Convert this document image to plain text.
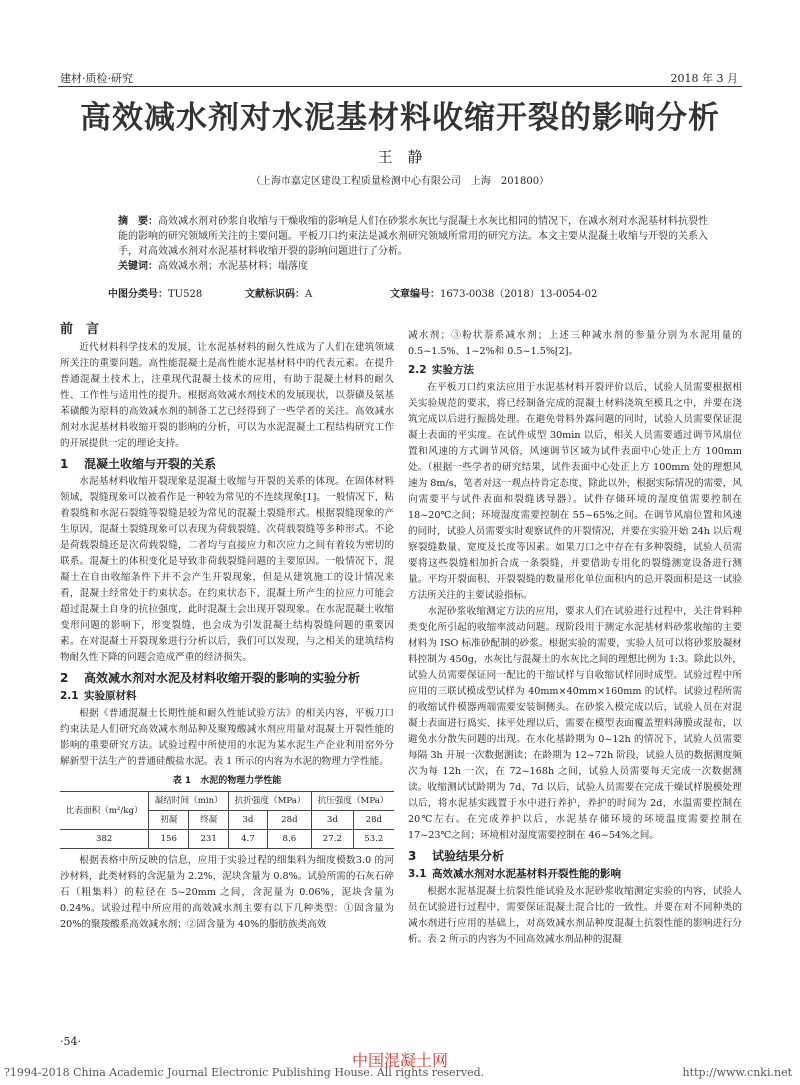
建材·质检·研究	2018 年 3 月
高效减水剂对水泥基材料收缩开裂的影响分析
王　静
（上海市嘉定区建设工程质量检测中心有限公司　上海　201800）
摘　要：高效减水剂对砂浆自收缩与干燥收缩的影响是人们在砂浆水灰比与混凝土水灰比相同的情况下，在减水剂对水泥基材料抗裂性能的影响的研究领域所关注的主要问题。平板刀口约束法是减水剂研究领域所常用的研究方法。本文主要从混凝土收缩与开裂的关系入手，对高效减水剂对水泥基材料收缩开裂的影响问题进行了分析。
关键词：高效减水剂；水泥基材料；塌落度
中图分类号：TU528	文献标识码：A	文章编号：1673-0038（2018）13-0054-02
前　言

近代材料科学技术的发展，让水泥基材料的耐久性成为了人们在建筑领域所关注的重要问题。高性能混凝土是高性能水泥基材料中的代表元素。在提升普通混凝土技术上，注重现代混凝土技术的应用，有助于混凝土材料的耐久性、工作性与适用性的提升。根据高效减水剂技术的发展现状，以萘磺及氨基苯磺酸为原料的高效减水剂的制备工艺已经得到了一些学者的关注。高效减水剂对水泥基材料收缩开裂的影响的分析，可以为水泥混凝土工程结构研究工作的开展提供一定的理论支持。

1 混凝土收缩与开裂的关系

水泥基材料收缩开裂现象是混凝土收缩与开裂的关系的体现。在固体材料领域，裂缝现象可以被看作是一种较为常见的不连续现象[1]。一般情况下，粘着裂缝和水泥石裂缝等裂缝是较为常见的混凝土裂缝形式。根据裂缝现象的产生原因，混凝土裂缝现象可以表现为荷载裂缝、次荷载裂缝等多种形式。不论是荷载裂缝还是次荷载裂缝，二者均与直接应力和次应力之间有着较为密切的联系。混凝土的体积变化是导致非荷载裂缝问题的主要原因。一般情况下，混凝土在自由收缩条件下并不会产生开裂现象，但是从建筑施工的设计情况来看，混凝土经常处于约束状态。在约束状态下，混凝土所产生的拉应力可能会超过混凝土自身的抗拉强度，此时混凝土会出现开裂现象。在水泥混凝土收缩变形问题的影响下，形变裂缝，也会成为引发混凝土结构裂缝问题的重要因素。在对混凝土开裂现象进行分析以后，我们可以发现，与之相关的建筑结构物耐久性下降的问题会造成严重的经济损失。

2 高效减水剂对水泥及材料收缩开裂的影响的实验分析
2.1 实验原材料

根据《普通混凝土长期性能和耐久性能试验方法》的相关内容，平板刀口约束法是人们研究高效减水剂品种及聚羧酸减水剂应用量对混凝土开裂性能的影响的重要研究方法。试验过程中所使用的水泥为某水泥生产企业利用窑外分解新型干法生产的普通硅酸盐水泥。表 1 所示的内容为水泥的物理力学性能。

表 1　水泥的物理力学性能
比表面积（m²/kg）	凝结时间（min）		抗折强度（MPa）		抗压强度（MPa）	
	初凝	终凝	3d	28d	3d	28d
382	156	231	4.7	8.6	27.2	53.2

根据表格中所反映的信息，应用于实验过程的细集料为细度模数3.0 的河沙材料，此类材料的含泥量为 2.2%，泥块含量为 0.8%。试验所需的石灰石碎石（粗集料）的粒径在 5~20mm 之间，含泥量为 0.06%，泥块含量为 0.24%。试验过程中所应用的高效减水剂主要有以下几种类型：①固含量为 20%的聚羧酸系高效减水剂；②固含量为 40%的脂肪族类高效

减水剂；③粉状萘系减水剂；上述三种减水剂的参量分别为水泥用量的0.5~1.5%、1~2%和 0.5~1.5%[2]。

2.2 实验方法

在平板刀口约束法应用于水泥基材料开裂评价以后，试验人员需要根据相关实验规范的要求，将已经制备完成的混凝土材料浇筑至模具之中，并要在浇筑完成以后进行振捣处理。在避免骨料外露问题的同时，试验人员需要保证混凝土表面的平实度。在试件成型 30min 以后，相关人员需要通过调节风扇位置和风速的方式调节风俗，风速调节区域为试件表面中心处正上方 100mm 处。（根据一些学者的研究结果，试件表面中心处正上方 100mm 处的理想风速为 8m/s，笔者对这一观点持肯定态度，除此以外，根据实际情况的需要，风向需要平与试件表面和裂缝诱导器）。试件存储环境的湿度值需要控制在18~20℃之间；环境湿度需要控制在 55~65%之间。在调节风扇位置和风速的同时，试验人员需要实时观察试件的开裂情况，并要在实验开始 24h 以后观察裂缝数量、宽度及长度等因素。如果刀口之中存在有多种裂缝，试验人员需要将这些裂缝相加折合成一条裂缝，并要借助专用化的裂缝测宽设备进行测量。平均开裂面积、开裂裂缝的数量形化单位面积内的总开裂面积是这一试验方法所关注的主要试验指标。

水泥砂浆收缩测定方法的应用，要求人们在试验进行过程中，关注骨料种类变化所引起的收缩率波动问题。现阶段用于测定水泥基材料砂浆收缩的主要材料为 ISO 标准砂配制的砂浆。根据实验的需要，实验人员可以将砂浆胶凝材料控制为 450g，水灰比与混凝土的水灰比之间的理想比例为 1:3。除此以外，试验人员需要保证同一配比的干缩试样与自收缩试样同时成型。试验过程中所应用的三联试模成型试样为 40mm×40mm×160mm 的试样。试验过程所需的收缩试件模器两端需要安装铜侧头。在砂浆入模完成以后，试验人员在对混凝土表面进行捣实、抹平处理以后，需要在模型表面覆盖塑料薄膜或湿布，以避免水分散失问题的出现。在水化基龄期为 0~12h 的情况下，试验人员需要每隔 3h 开展一次数据测读；在龄期为 12~72h 阶段，试验人员的数据测度频次为每 12h 一次，在 72~168h 之间，试验人员需要每天完成一次数据测读。收缩测试试龄期为 7d、7d 以后，试验人员需要在完成干燥试样脱模处理以后，将水泥基实践置于水中进行养护，养护的时间为 2d，水温需要控制在 20℃左右。在完成养护以后，水泥基存储环境的环境温度需要控制在 17~23℃之间；环境相对湿度需要控制在 46~54%之间。

3 试验结果分析
3.1 高效减水剂对水泥基材料开裂性能的影响

根据水泥基混凝土抗裂性能试验及水泥砂浆收缩测定实验的内容，试验人员在试验进行过程中，需要保证混凝土混合比的一致性。并要在对不同种类的减水剂进行应用的基础上，对高效减水剂品种度混凝土抗裂性能的影响进行分析。表 2 所示的内容为不同高效减水剂品种的混凝

·54·
中国混凝土网
?1994-2018 China Academic Journal Electronic Publishing House. All rights reserved.	http://www.cnki.net
